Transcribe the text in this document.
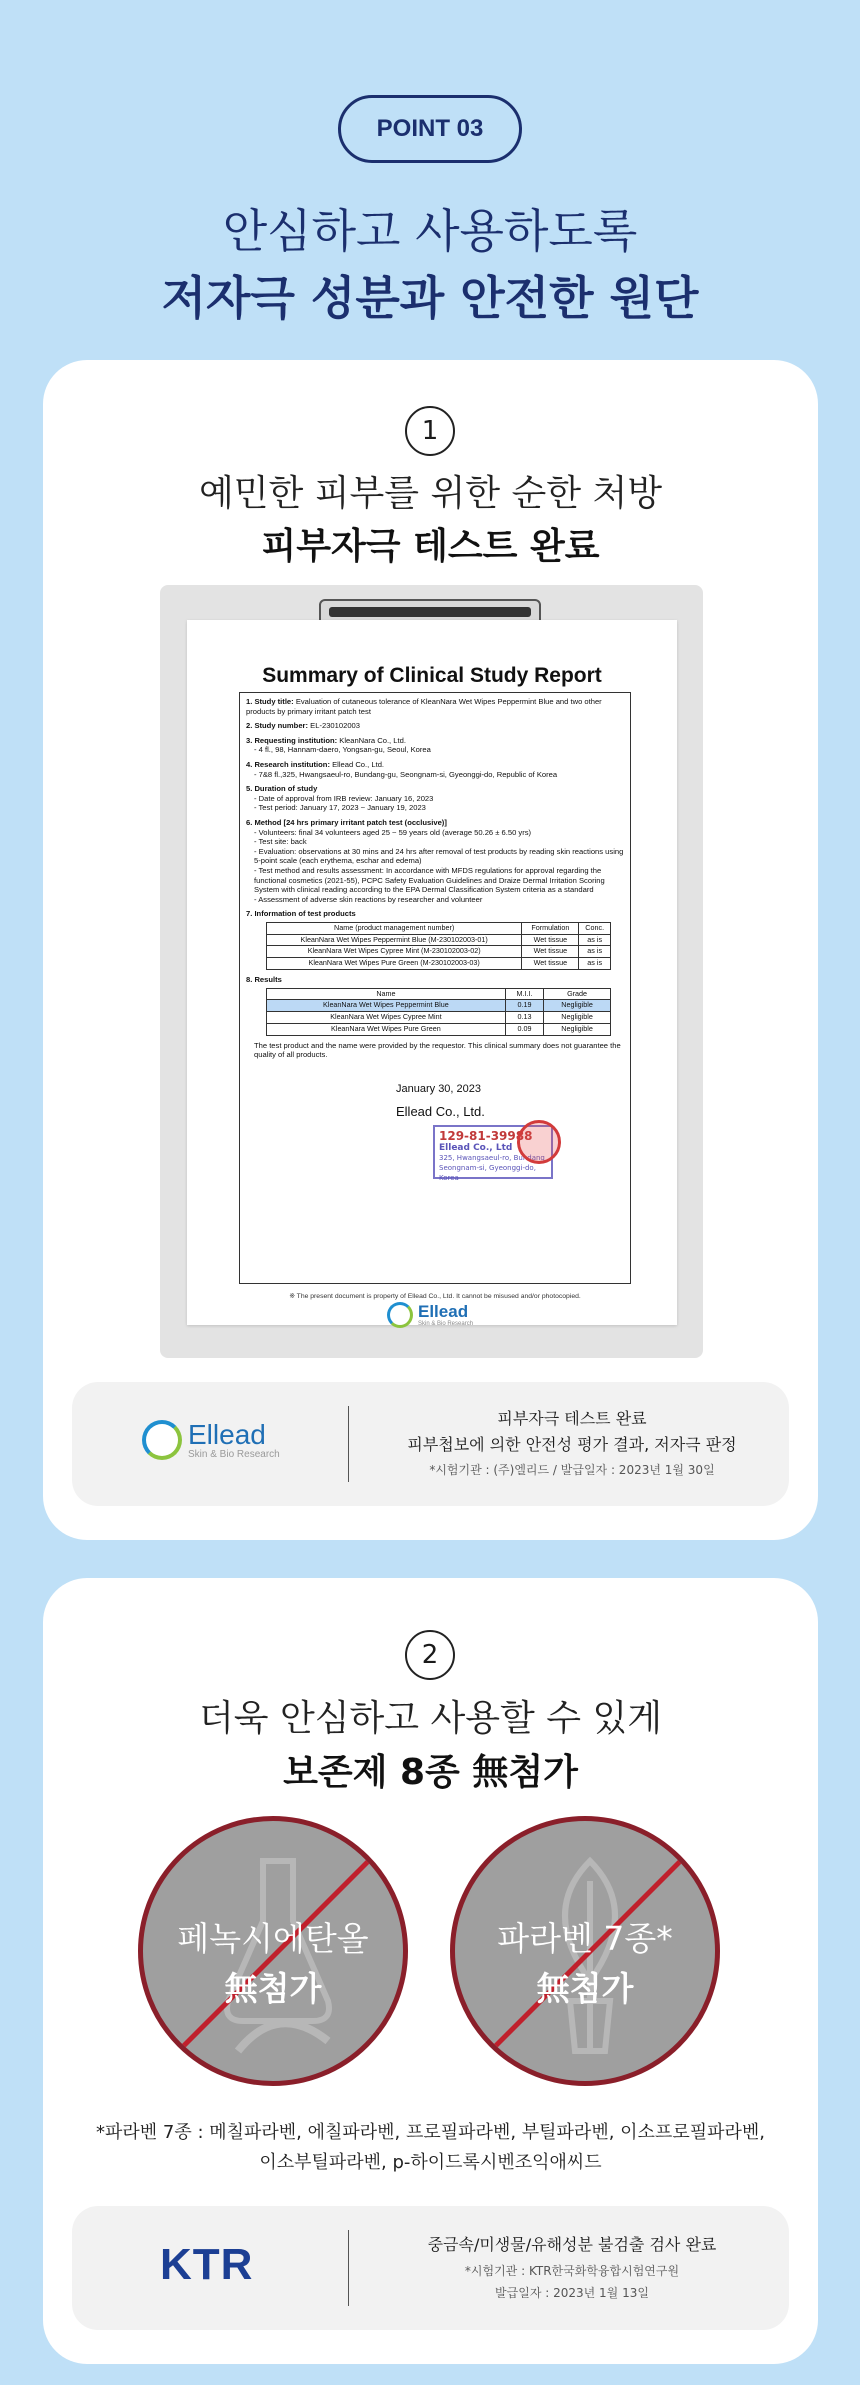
POINT 03
안심하고 사용하도록
저자극 성분과 안전한 원단
1
예민한 피부를 위한 순한 처방
피부자극 테스트 완료
Summary of Clinical Study Report
1. Study title: Evaluation of cutaneous tolerance of KleanNara Wet Wipes Peppermint Blue and two other products by primary irritant patch test
2. Study number: EL-230102003
3. Requesting institution: KleanNara Co., Ltd.
- 4 fl., 98, Hannam-daero, Yongsan-gu, Seoul, Korea
4. Research institution: Ellead Co., Ltd.
- 7&8 fl.,325, Hwangsaeul-ro, Bundang-gu, Seongnam-si, Gyeonggi-do, Republic of Korea
5. Duration of study
- Date of approval from IRB review: January 16, 2023
- Test period: January 17, 2023 ~ January 19, 2023
6. Method [24 hrs primary irritant patch test (occlusive)]
- Volunteers: final 34 volunteers aged 25 ~ 59 years old (average 50.26 ± 6.50 yrs)
- Test site: back
- Evaluation: observations at 30 mins and 24 hrs after removal of test products by reading skin reactions using 5-point scale (each erythema, eschar and edema)
- Test method and results assessment: In accordance with MFDS regulations for approval regarding the functional cosmetics (2021-55), PCPC Safety Evaluation Guidelines and Draize Dermal Irritation Scoring System with clinical reading according to the EPA Dermal Classification System criteria as a standard
- Assessment of adverse skin reactions by researcher and volunteer
7. Information of test products
Name (product management number)	Formulation	Conc.
KleanNara Wet Wipes Peppermint Blue (M-230102003-01)	Wet tissue	as is
KleanNara Wet Wipes Cypree Mint (M-230102003-02)	Wet tissue	as is
KleanNara Wet Wipes Pure Green (M-230102003-03)	Wet tissue	as is
8. Results
Name	M.I.I.	Grade
KleanNara Wet Wipes Peppermint Blue	0.19	Negligible
KleanNara Wet Wipes Cypree Mint	0.13	Negligible
KleanNara Wet Wipes Pure Green	0.09	Negligible
The test product and the name were provided by the requestor. This clinical summary does not guarantee the quality of all products.
January 30, 2023
Ellead Co., Ltd.
129-81-39988
Ellead Co., Ltd
325, Hwangsaeul-ro, Bundang
Seongnam-si, Gyeonggi-do, Korea
※ The present document is property of Ellead Co., Ltd. It cannot be misused and/or photocopied.
Ellead
Skin & Bio Research
Ellead
Skin & Bio Research
피부자극 테스트 완료
피부첩보에 의한 안전성 평가 결과, 저자극 판정
*시험기관 : (주)엘리드 / 발급일자 : 2023년 1월 30일
2
더욱 안심하고 사용할 수 있게
보존제 8종 無첨가
페녹시에탄올
無첨가
파라벤 7종*
無첨가
*파라벤 7종 : 메칠파라벤, 에칠파라벤, 프로필파라벤, 부틸파라벤, 이소프로필파라벤,
이소부틸파라벤, p-하이드록시벤조익애씨드
KTR	중금속/미생물/유해성분 불검출 검사 완료
*시험기관 : KTR한국화학융합시험연구원
발급일자 : 2023년 1월 13일
